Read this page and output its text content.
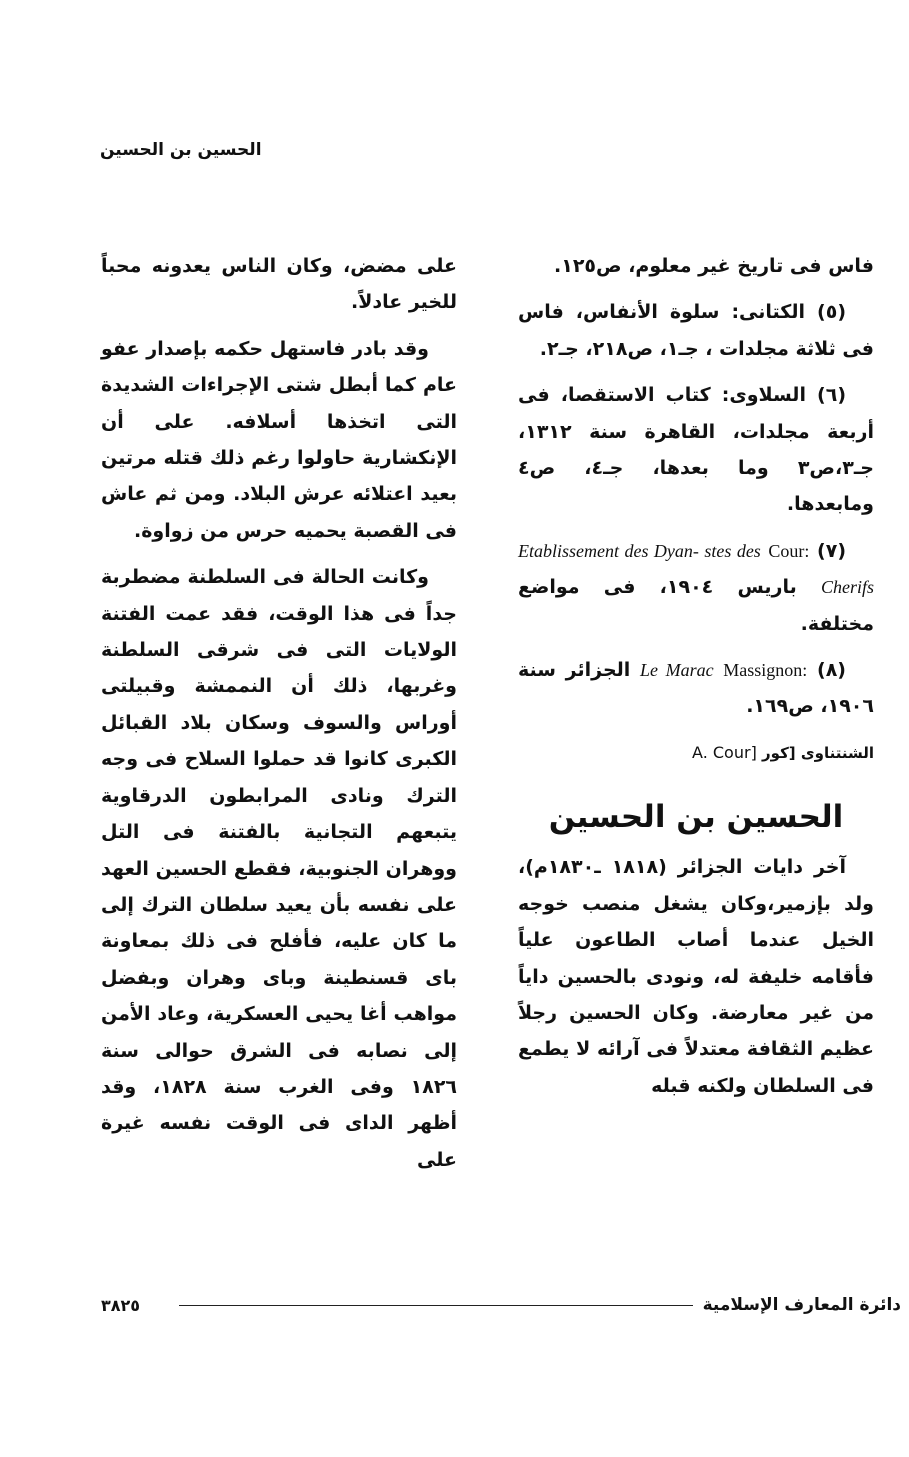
الحسين بن الحسين

فاس فى تاريخ غير معلوم، ص١٢٥.

(٥) الكتانى: سلوة الأنفاس، فاس فى ثلاثة مجلدات ، جـ١، ص٢١٨، جـ٢.

(٦) السلاوى: كتاب الاستقصا، فى أربعة مجلدات، القاهرة سنة ١٣١٢، جـ٣،ص٣ وما بعدها، جـ٤، ص٤ ومابعدها.

(٧) Cour: Etablissement des Dyan- stes des Cherifs باريس ١٩٠٤، فى مواضع مختلفة.

(٨) Massignon: Le Marac الجزائر سنة ١٩٠٦، ص١٦٩.

الشنتناوى [كور A. Cour]

الحسين بن الحسين

آخر دايات الجزائر (١٨١٨ ـ١٨٣٠م)، ولد بإزمير،وكان يشغل منصب خوجه الخيل عندما أصاب الطاعون علياً فأقامه خليفة له، ونودى بالحسين داياً من غير معارضة. وكان الحسين رجلاً عظيم الثقافة معتدلاً فى آرائه لا يطمع فى السلطان ولكنه قبله

على مضض، وكان الناس يعدونه محباً للخير عادلاً.

وقد بادر فاستهل حكمه بإصدار عفو عام كما أبطل شتى الإجراءات الشديدة التى اتخذها أسلافه. على أن الإنكشارية حاولوا رغم ذلك قتله مرتين بعيد اعتلائه عرش البلاد. ومن ثم عاش فى القصبة يحميه حرس من زواوة.

وكانت الحالة فى السلطنة مضطربة جداً فى هذا الوقت، فقد عمت الفتنة الولايات التى فى شرقى السلطنة وغربها، ذلك أن النممشة وقبيلتى أوراس والسوف وسكان بلاد القبائل الكبرى كانوا قد حملوا السلاح فى وجه الترك ونادى المرابطون الدرقاوية يتبعهم التجانية بالفتنة فى التل ووهران الجنوبية، فقطع الحسين العهد على نفسه بأن يعيد سلطان الترك إلى ما كان عليه، فأفلح فى ذلك بمعاونة باى قسنطينة وباى وهران وبفضل مواهب أغا يحيى العسكرية، وعاد الأمن إلى نصابه فى الشرق حوالى سنة ١٨٢٦ وفى الغرب سنة ١٨٢٨، وقد أظهر الداى فى الوقت نفسه غيرة على

٣٨٢٥	دائرة المعارف الإسلامية
